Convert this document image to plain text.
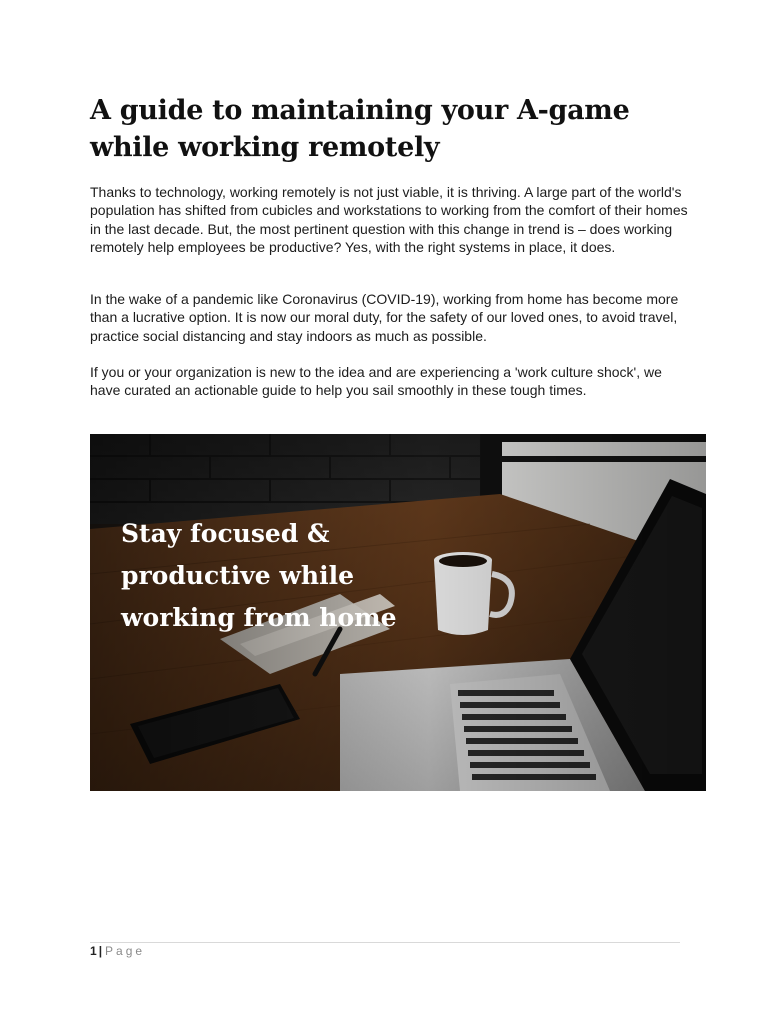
A guide to maintaining your A-game while working remotely

Thanks to technology, working remotely is not just viable, it is thriving. A large part of the world's population has shifted from cubicles and workstations to working from the comfort of their homes in the last decade. But, the most pertinent question with this change in trend is – does working remotely help employees be productive? Yes, with the right systems in place, it does.

In the wake of a pandemic like Coronavirus (COVID-19), working from home has become more than a lucrative option. It is now our moral duty, for the safety of our loved ones, to avoid travel, practice social distancing and stay indoors as much as possible.

If you or your organization is new to the idea and are experiencing a 'work culture shock', we have curated an actionable guide to help you sail smoothly in these tough times.

Stay focused &
productive while
working from home
1 | Page
